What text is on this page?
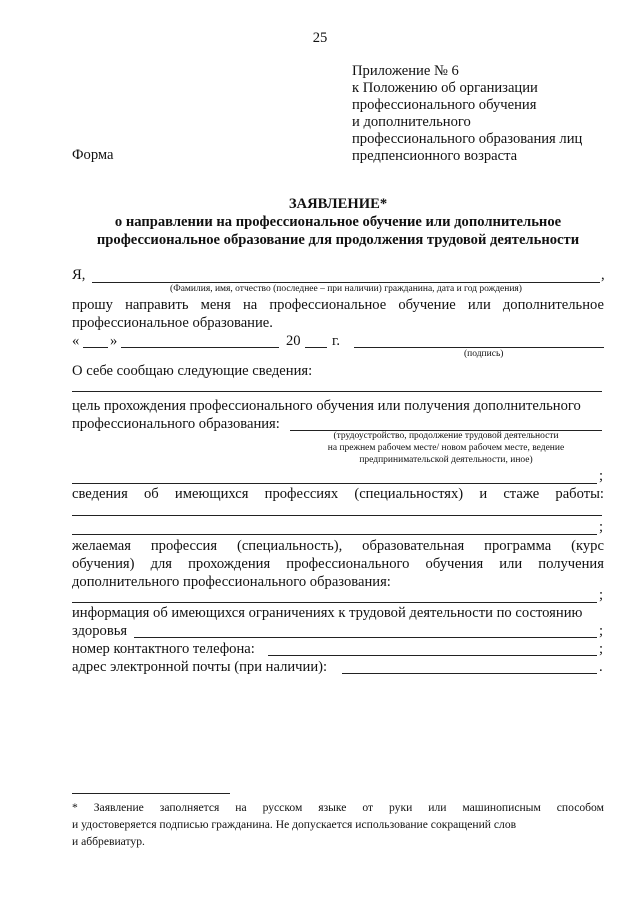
25
Приложение № 6
к Положению об организации
профессионального обучения
и дополнительного
профессионального образования лиц
предпенсионного возраста
Форма
ЗАЯВЛЕНИЕ*
о направлении на профессиональное обучение или дополнительное
профессиональное образование для продолжения трудовой деятельности
Я,	,
(Фамилия, имя, отчество (последнее – при наличии) гражданина, дата и год рождения)
прошу направить меня на профессиональное обучение или дополнительное
профессиональное образование.
« »	20 г.
(подпись)
О себе сообщаю следующие сведения:
цель прохождения профессионального обучения или получения дополнительного
профессионального образования:
(трудоустройство, продолжение трудовой деятельности
на прежнем рабочем месте/ новом рабочем месте, ведение
предпринимательской деятельности, иное)
;
сведения об имеющихся профессиях (специальностях) и стаже работы:
;
желаемая профессия (специальность), образовательная программа (курс
обучения) для прохождения профессионального обучения или получения
дополнительного профессионального образования:
;
информация об имеющихся ограничениях к трудовой деятельности по состоянию
здоровья	;
номер контактного телефона:	;
адрес электронной почты (при наличии):	.
* Заявление заполняется на русском языке от руки или машинописным способом
и удостоверяется подписью гражданина. Не допускается использование сокращений слов
и аббревиатур.
